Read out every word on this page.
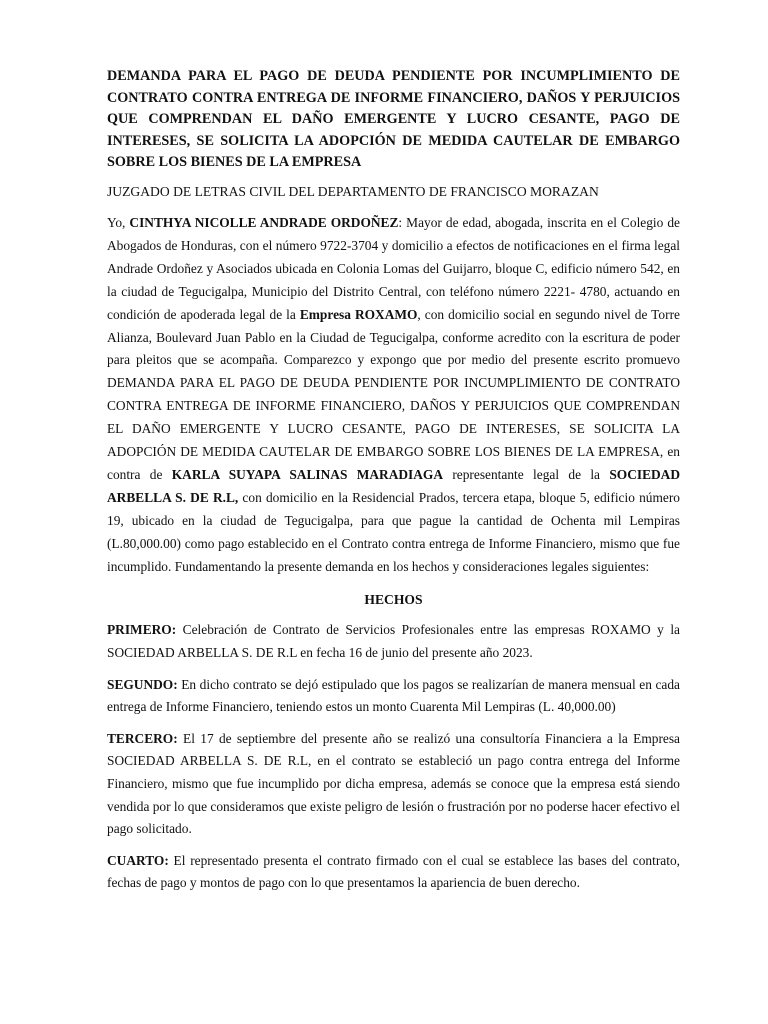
DEMANDA PARA EL PAGO DE DEUDA PENDIENTE POR INCUMPLIMIENTO DE CONTRATO CONTRA ENTREGA DE INFORME FINANCIERO, DAÑOS Y PERJUICIOS QUE COMPRENDAN EL DAÑO EMERGENTE Y LUCRO CESANTE, PAGO DE INTERESES, SE SOLICITA LA ADOPCIÓN DE MEDIDA CAUTELAR DE EMBARGO SOBRE LOS BIENES DE LA EMPRESA

JUZGADO DE LETRAS CIVIL DEL DEPARTAMENTO DE FRANCISCO MORAZAN

Yo, CINTHYA NICOLLE ANDRADE ORDOÑEZ: Mayor de edad, abogada, inscrita en el Colegio de Abogados de Honduras, con el número 9722-3704 y domicilio a efectos de notificaciones en el firma legal Andrade Ordoñez y Asociados ubicada en Colonia Lomas del Guijarro, bloque C, edificio número 542, en la ciudad de Tegucigalpa, Municipio del Distrito Central, con teléfono número 2221- 4780, actuando en condición de apoderada legal de la Empresa ROXAMO, con domicilio social en segundo nivel de Torre Alianza, Boulevard Juan Pablo en la Ciudad de Tegucigalpa, conforme acredito con la escritura de poder para pleitos que se acompaña. Comparezco y expongo que por medio del presente escrito promuevo DEMANDA PARA EL PAGO DE DEUDA PENDIENTE POR INCUMPLIMIENTO DE CONTRATO CONTRA ENTREGA DE INFORME FINANCIERO, DAÑOS Y PERJUICIOS QUE COMPRENDAN EL DAÑO EMERGENTE Y LUCRO CESANTE, PAGO DE INTERESES, SE SOLICITA LA ADOPCIÓN DE MEDIDA CAUTELAR DE EMBARGO SOBRE LOS BIENES DE LA EMPRESA, en contra de KARLA SUYAPA SALINAS MARADIAGA representante legal de la SOCIEDAD ARBELLA S. DE R.L, con domicilio en la Residencial Prados, tercera etapa, bloque 5, edificio número 19, ubicado en la ciudad de Tegucigalpa, para que pague la cantidad de Ochenta mil Lempiras (L.80,000.00) como pago establecido en el Contrato contra entrega de Informe Financiero, mismo que fue incumplido. Fundamentando la presente demanda en los hechos y consideraciones legales siguientes:

HECHOS

PRIMERO: Celebración de Contrato de Servicios Profesionales entre las empresas ROXAMO y la SOCIEDAD ARBELLA S. DE R.L en fecha 16 de junio del presente año 2023.

SEGUNDO: En dicho contrato se dejó estipulado que los pagos se realizarían de manera mensual en cada entrega de Informe Financiero, teniendo estos un monto Cuarenta Mil Lempiras (L. 40,000.00)

TERCERO: El 17 de septiembre del presente año se realizó una consultoría Financiera a la Empresa SOCIEDAD ARBELLA S. DE R.L, en el contrato se estableció un pago contra entrega del Informe Financiero, mismo que fue incumplido por dicha empresa, además se conoce que la empresa está siendo vendida por lo que consideramos que existe peligro de lesión o frustración por no poderse hacer efectivo el pago solicitado.

CUARTO: El representado presenta el contrato firmado con el cual se establece las bases del contrato, fechas de pago y montos de pago con lo que presentamos la apariencia de buen derecho.
